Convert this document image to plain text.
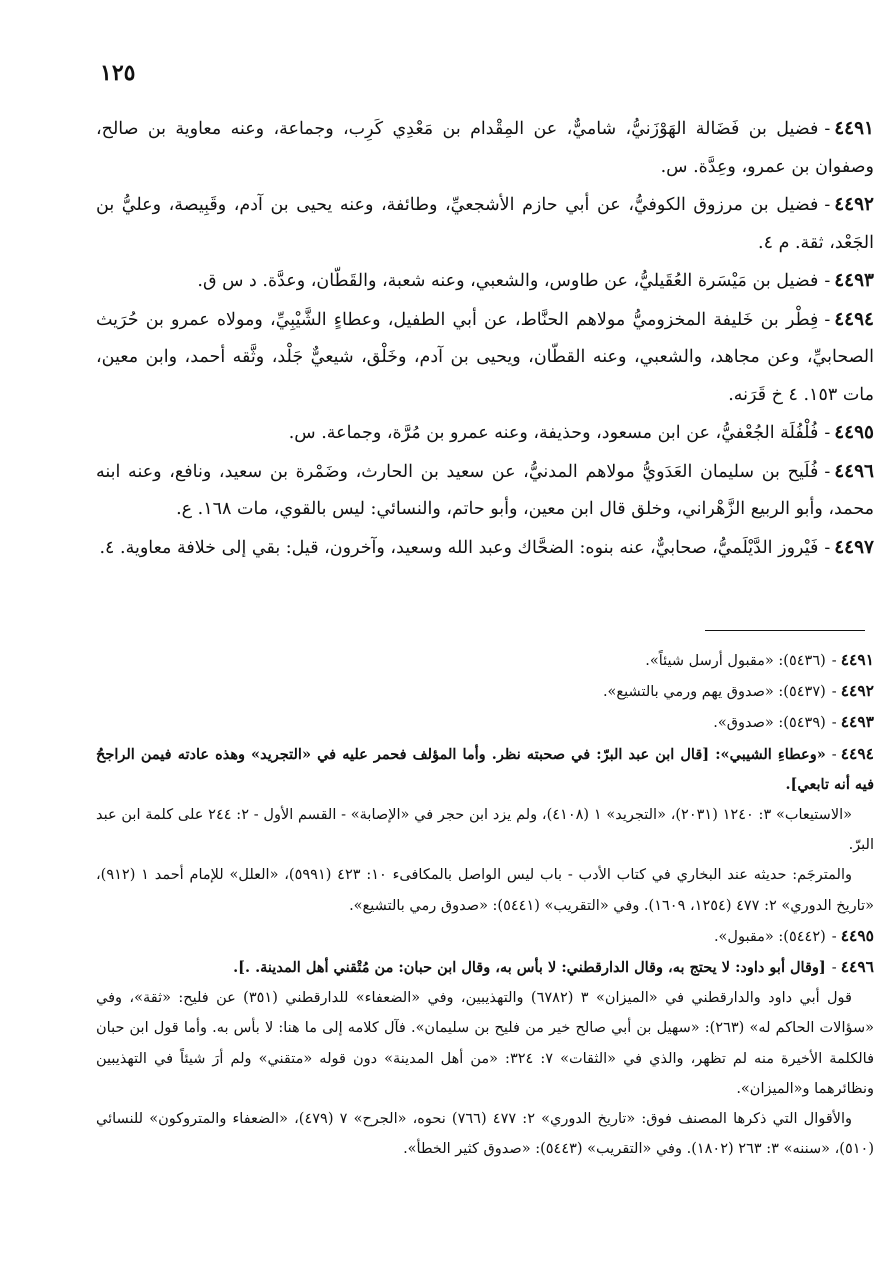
١٢٥

٤٤٩١-فضيل بن فَضَالة الهَوْزَنيُّ، شاميٌّ، عن المِقْدام بن مَعْدِي كَرِب، وجماعة، وعنه معاوية بن صالح، وصفوان بن عمرو، وعِدَّة. س.

٤٤٩٢-فضيل بن مرزوق الكوفيُّ، عن أبي حازم الأشجعيِّ، وطائفة، وعنه يحيى بن آدم، وقَبِيصة، وعليُّ بن الجَعْد، ثقة. م ٤.

٤٤٩٣-فضيل بن مَيْسَرة العُقَيليُّ، عن طاوس، والشعبي، وعنه شعبة، والقَطّان، وعدَّة. د س ق.

٤٤٩٤-فِطْر بن خَليفة المخزوميُّ مولاهم الحنَّاط، عن أبي الطفيل، وعطاءٍ الشَّيْبِيِّ، ومولاه عمرو بن حُرَيث الصحابيِّ، وعن مجاهد، والشعبي، وعنه القطّان، ويحيى بن آدم، وخَلْق، شيعيٌّ جَلْد، وثَّقه أحمد، وابن معين، مات ١٥٣. ٤ خ قَرَنه.

٤٤٩٥-فُلْفُلَة الجُعْفيُّ، عن ابن مسعود، وحذيفة، وعنه عمرو بن مُرَّة، وجماعة. س.

٤٤٩٦-فُلَيح بن سليمان العَدَويُّ مولاهم المدنيُّ، عن سعيد بن الحارث، وضَمْرة بن سعيد، ونافع، وعنه ابنه محمد، وأبو الربيع الزَّهْراني، وخلق قال ابن معين، وأبو حاتم، والنسائي: ليس بالقوي، مات ١٦٨. ع.

٤٤٩٧-فَيْروز الدَّيْلَميُّ، صحابيٌّ، عنه بنوه: الضحَّاك وعبد الله وسعيد، وآخرون، قيل: بقي إلى خلافة معاوية. ٤.

٤٤٩١-(٥٤٣٦): «مقبول أرسل شيئاً».

٤٤٩٢-(٥٤٣٧): «صدوق يهم ورمي بالتشيع».

٤٤٩٣-(٥٤٣٩): «صدوق».

٤٤٩٤-«وعطاءِ الشيبي»: [قال ابن عبد البرّ: في صحبته نظر. وأما المؤلف فحمر عليه في «التجريد» وهذه عادته فيمن الراجحُ فيه أنه تابعي].

«الاستيعاب» ٣: ١٢٤٠ (٢٠٣١)، «التجريد» ١ (٤١٠٨)، ولم يزد ابن حجر في «الإصابة» - القسم الأول - ٢: ٢٤٤ على كلمة ابن عبد البرّ.

والمترجَم: حديثه عند البخاري في كتاب الأدب - باب ليس الواصل بالمكافىء ١٠: ٤٢٣ (٥٩٩١)، «العلل» للإمام أحمد ١ (٩١٢)، «تاريخ الدوري» ٢: ٤٧٧ (١٢٥٤، ١٦٠٩). وفي «التقريب» (٥٤٤١): «صدوق رمي بالتشيع».

٤٤٩٥-(٥٤٤٢): «مقبول».

٤٤٩٦-[وقال أبو داود: لا يحتج به، وقال الدارقطني: لا بأس به، وقال ابن حبان: من مُتْقني أهل المدينة. .].

قول أبي داود والدارقطني في «الميزان» ٣ (٦٧٨٢) والتهذيبين، وفي «الضعفاء» للدارقطني (٣٥١) عن فليح: «ثقة»، وفي «سؤالات الحاكم له» (٢٦٣): «سهيل بن أبي صالح خير من فليح بن سليمان». فآل كلامه إلى ما هنا: لا بأس به. وأما قول ابن حبان فالكلمة الأخيرة منه لم تظهر، والذي في «الثقات» ٧: ٣٢٤: «من أهل المدينة» دون قوله «متقني» ولم أرَ شيئاً في التهذيبين ونظائرهما و«الميزان».

والأقوال التي ذكرها المصنف فوق: «تاريخ الدوري» ٢: ٤٧٧ (٧٦٦) نحوه، «الجرح» ٧ (٤٧٩)، «الضعفاء والمتروكون» للنسائي (٥١٠)، «سننه» ٣: ٢٦٣ (١٨٠٢). وفي «التقريب» (٥٤٤٣): «صدوق كثير الخطأ».
